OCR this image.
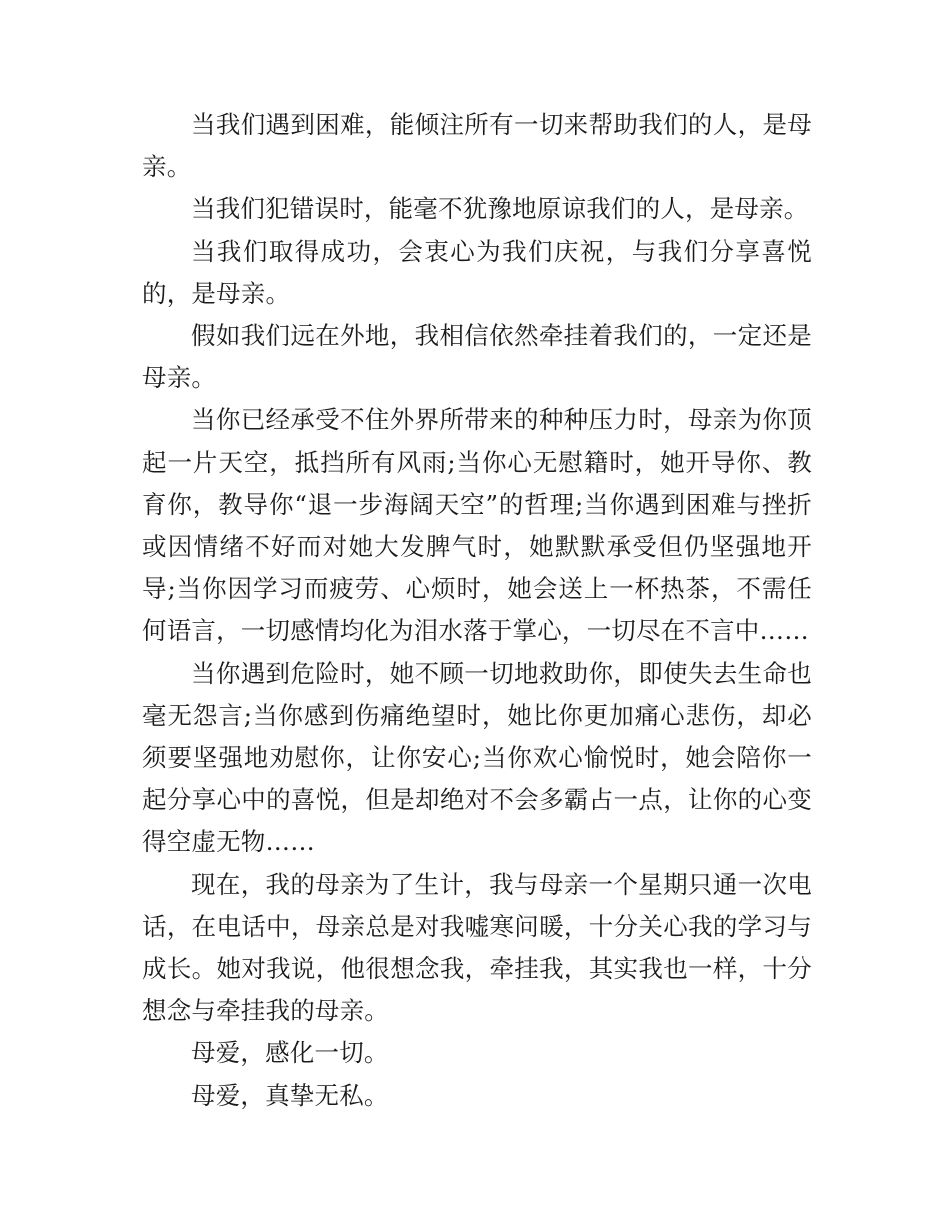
当我们遇到困难，能倾注所有一切来帮助我们的人，是母亲。

当我们犯错误时，能毫不犹豫地原谅我们的人，是母亲。

当我们取得成功，会衷心为我们庆祝，与我们分享喜悦的，是母亲。

假如我们远在外地，我相信依然牵挂着我们的，一定还是母亲。

当你已经承受不住外界所带来的种种压力时，母亲为你顶起一片天空，抵挡所有风雨;当你心无慰籍时，她开导你、教育你，教导你“退一步海阔天空”的哲理;当你遇到困难与挫折或因情绪不好而对她大发脾气时，她默默承受但仍坚强地开导;当你因学习而疲劳、心烦时，她会送上一杯热茶，不需任何语言，一切感情均化为泪水落于掌心，一切尽在不言中……

当你遇到危险时，她不顾一切地救助你，即使失去生命也毫无怨言;当你感到伤痛绝望时，她比你更加痛心悲伤，却必须要坚强地劝慰你，让你安心;当你欢心愉悦时，她会陪你一起分享心中的喜悦，但是却绝对不会多霸占一点，让你的心变得空虚无物……

现在，我的母亲为了生计，我与母亲一个星期只通一次电话，在电话中，母亲总是对我嘘寒问暖，十分关心我的学习与成长。她对我说，他很想念我，牵挂我，其实我也一样，十分想念与牵挂我的母亲。

母爱，感化一切。

母爱，真挚无私。
